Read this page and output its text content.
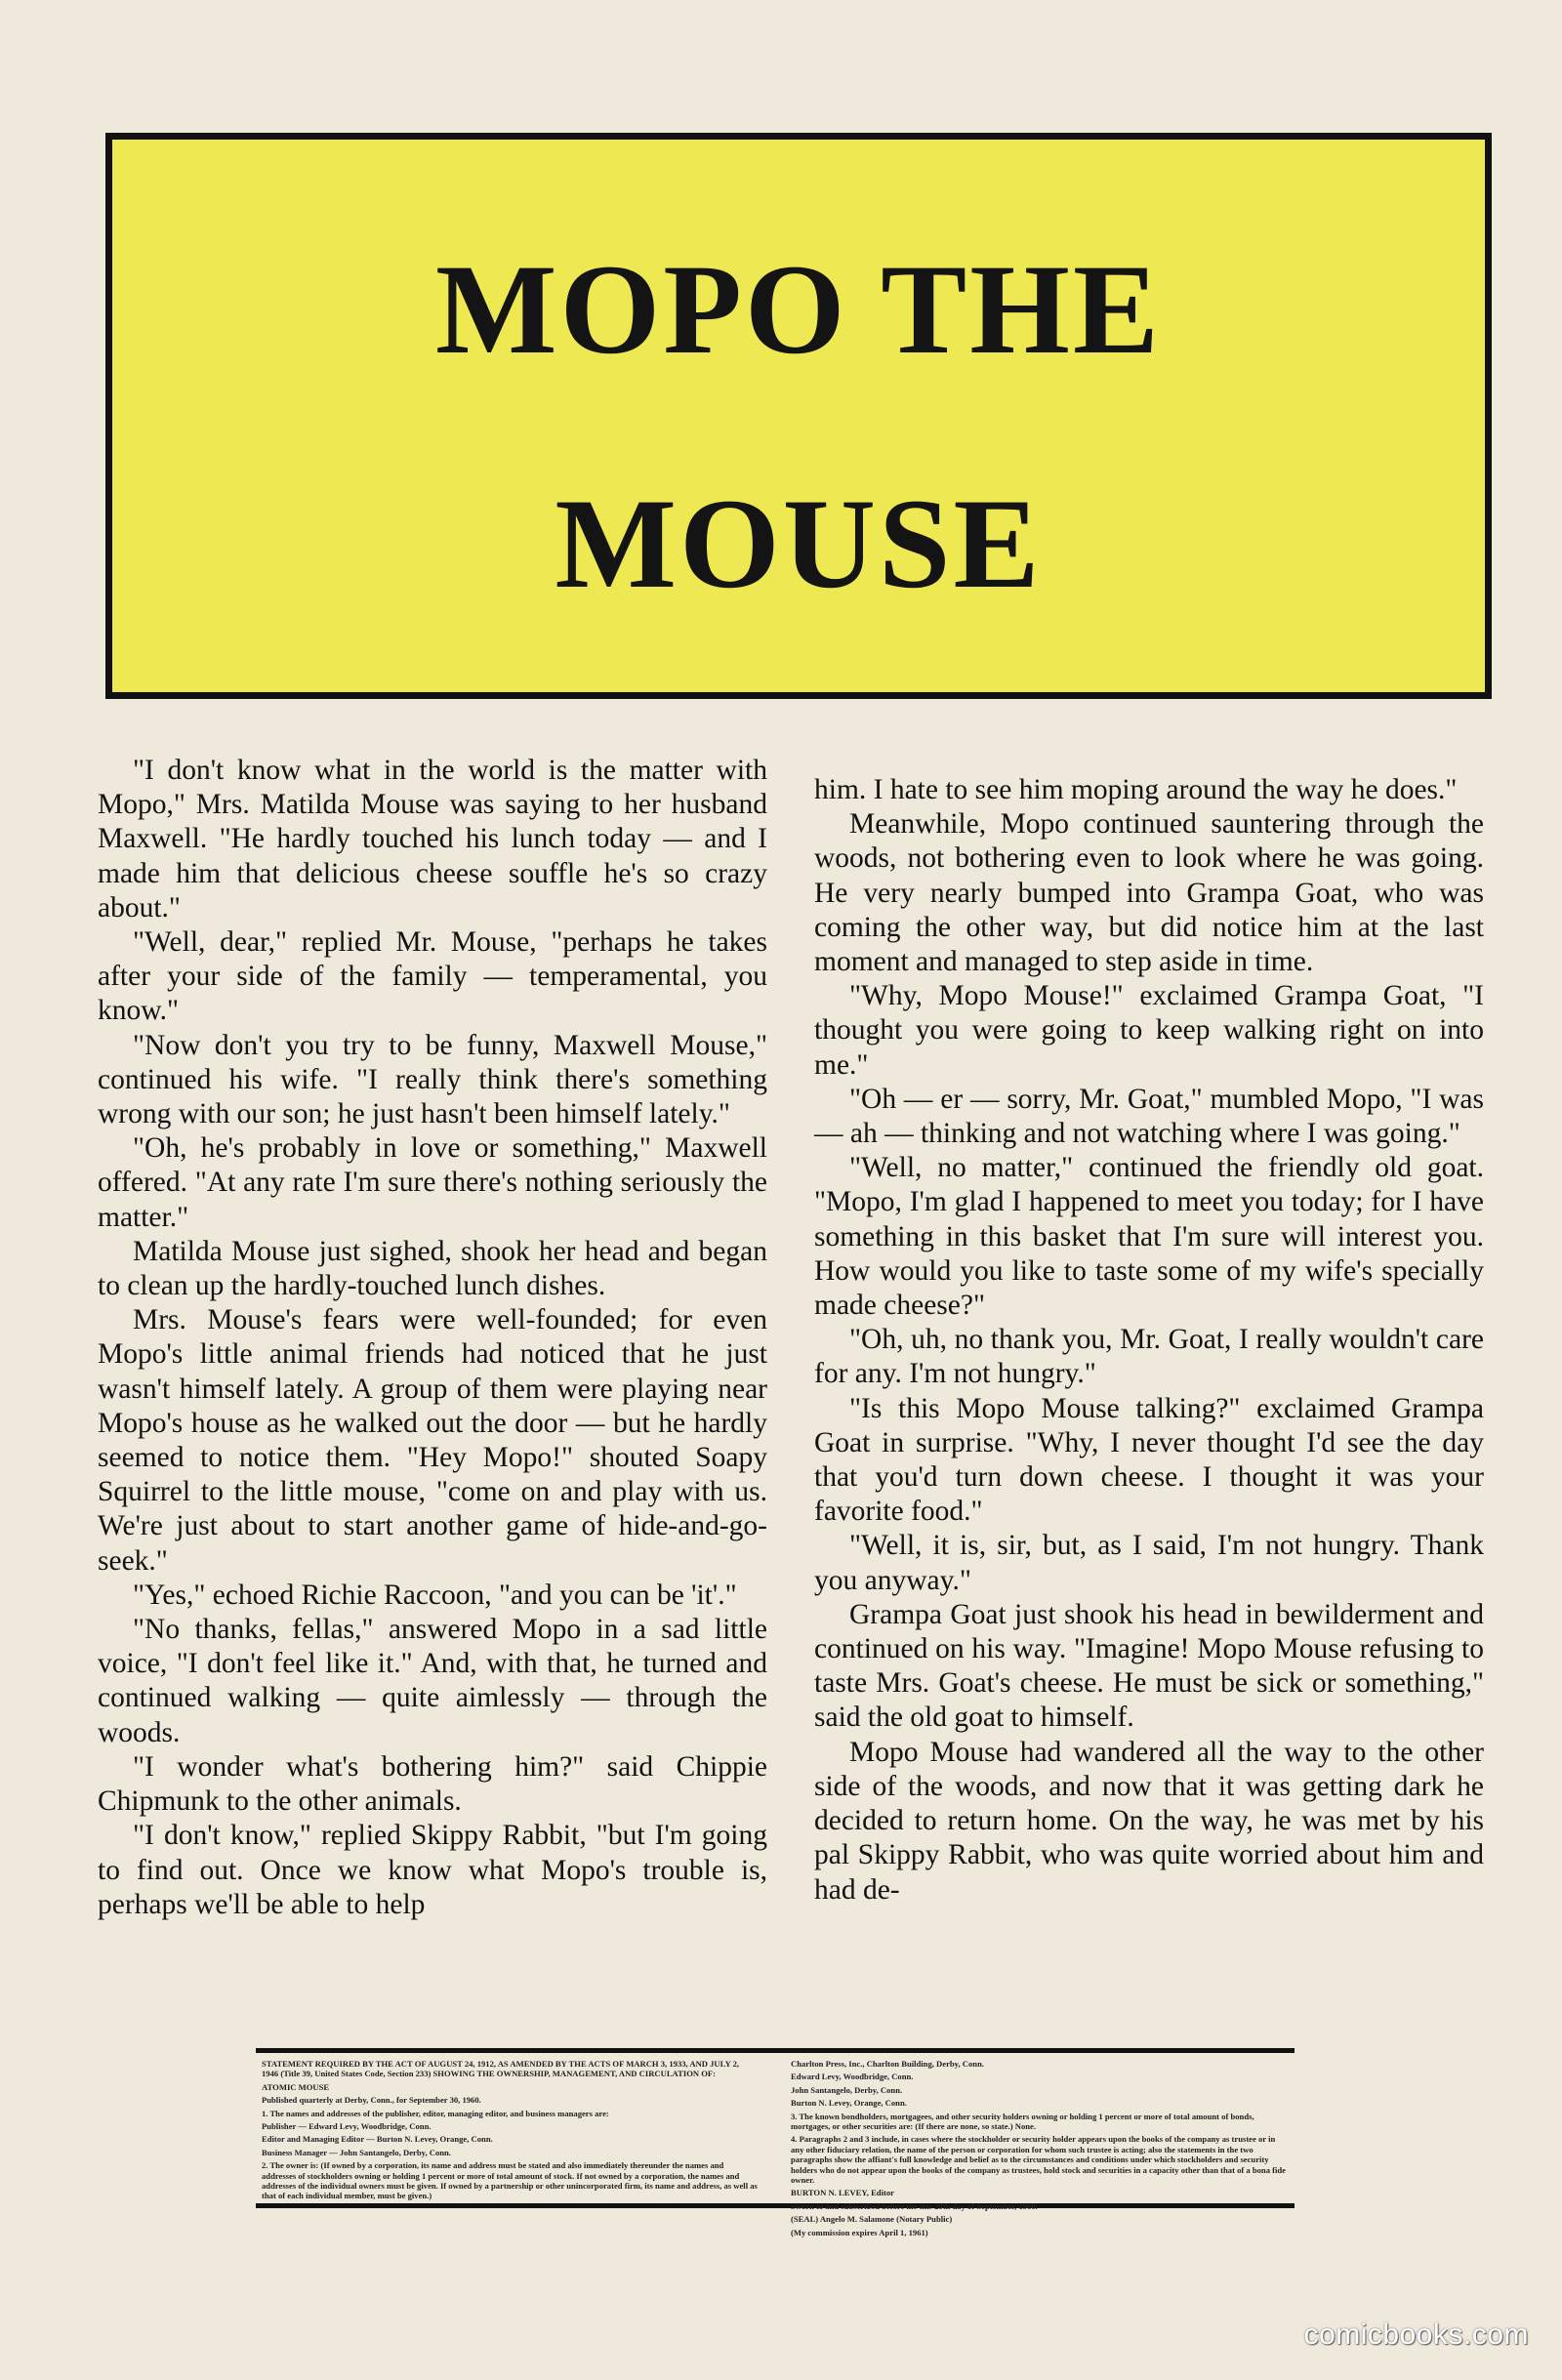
MOPO THE
MOUSE

"I don't know what in the world is the matter with Mopo," Mrs. Matilda Mouse was saying to her husband Maxwell. "He hardly touched his lunch today — and I made him that delicious cheese souffle he's so crazy about."

"Well, dear," replied Mr. Mouse, "perhaps he takes after your side of the family — temperamental, you know."

"Now don't you try to be funny, Maxwell Mouse," continued his wife. "I really think there's something wrong with our son; he just hasn't been himself lately."

"Oh, he's probably in love or something," Maxwell offered. "At any rate I'm sure there's nothing seriously the matter."

Matilda Mouse just sighed, shook her head and began to clean up the hardly-touched lunch dishes.

Mrs. Mouse's fears were well-founded; for even Mopo's little animal friends had noticed that he just wasn't himself lately. A group of them were playing near Mopo's house as he walked out the door — but he hardly seemed to notice them. "Hey Mopo!" shouted Soapy Squirrel to the little mouse, "come on and play with us. We're just about to start another game of hide-and-go-seek."

"Yes," echoed Richie Raccoon, "and you can be 'it'."

"No thanks, fellas," answered Mopo in a sad little voice, "I don't feel like it." And, with that, he turned and continued walking — quite aimlessly — through the woods.

"I wonder what's bothering him?" said Chippie Chipmunk to the other animals.

"I don't know," replied Skippy Rabbit, "but I'm going to find out. Once we know what Mopo's trouble is, perhaps we'll be able to help

him. I hate to see him moping around the way he does."

Meanwhile, Mopo continued sauntering through the woods, not bothering even to look where he was going. He very nearly bumped into Grampa Goat, who was coming the other way, but did notice him at the last moment and managed to step aside in time.

"Why, Mopo Mouse!" exclaimed Grampa Goat, "I thought you were going to keep walking right on into me."

"Oh — er — sorry, Mr. Goat," mumbled Mopo, "I was — ah — thinking and not watching where I was going."

"Well, no matter," continued the friendly old goat. "Mopo, I'm glad I happened to meet you today; for I have something in this basket that I'm sure will interest you. How would you like to taste some of my wife's specially made cheese?"

"Oh, uh, no thank you, Mr. Goat, I really wouldn't care for any. I'm not hungry."

"Is this Mopo Mouse talking?" exclaimed Grampa Goat in surprise. "Why, I never thought I'd see the day that you'd turn down cheese. I thought it was your favorite food."

"Well, it is, sir, but, as I said, I'm not hungry. Thank you anyway."

Grampa Goat just shook his head in bewilderment and continued on his way. "Imagine! Mopo Mouse refusing to taste Mrs. Goat's cheese. He must be sick or something," said the old goat to himself.

Mopo Mouse had wandered all the way to the other side of the woods, and now that it was getting dark he decided to return home. On the way, he was met by his pal Skippy Rabbit, who was quite worried about him and had de-

STATEMENT REQUIRED BY THE ACT OF AUGUST 24, 1912, AS AMENDED BY THE ACTS OF MARCH 3, 1933, AND JULY 2, 1946 (Title 39, United States Code, Section 233) SHOWING THE OWNERSHIP, MANAGEMENT, AND CIRCULATION OF:

ATOMIC MOUSE

Published quarterly at Derby, Conn., for September 30, 1960.

1. The names and addresses of the publisher, editor, managing editor, and business managers are:

Publisher — Edward Levy, Woodbridge, Conn.

Editor and Managing Editor — Burton N. Levey, Orange, Conn.

Business Manager — John Santangelo, Derby, Conn.

2. The owner is: (If owned by a corporation, its name and address must be stated and also immediately thereunder the names and addresses of stockholders owning or holding 1 percent or more of total amount of stock. If not owned by a corporation, the names and addresses of the individual owners must be given. If owned by a partnership or other unincorporated firm, its name and address, as well as that of each individual member, must be given.)

Charlton Press, Inc., Charlton Building, Derby, Conn.

Edward Levy, Woodbridge, Conn.

John Santangelo, Derby, Conn.

Burton N. Levey, Orange, Conn.

3. The known bondholders, mortgagees, and other security holders owning or holding 1 percent or more of total amount of bonds, mortgages, or other securities are: (If there are none, so state.) None.

4. Paragraphs 2 and 3 include, in cases where the stockholder or security holder appears upon the books of the company as trustee or in any other fiduciary relation, the name of the person or corporation for whom such trustee is acting; also the statements in the two paragraphs show the affiant's full knowledge and belief as to the circumstances and conditions under which stockholders and security holders who do not appear upon the books of the company as trustees, hold stock and securities in a capacity other than that of a bona fide owner.

BURTON N. LEVEY, Editor

Sworn to and subscribed before me this 29th day of September, 1960.

(SEAL) Angelo M. Salamone (Notary Public)

(My commission expires April 1, 1961)

comicbooks.com
